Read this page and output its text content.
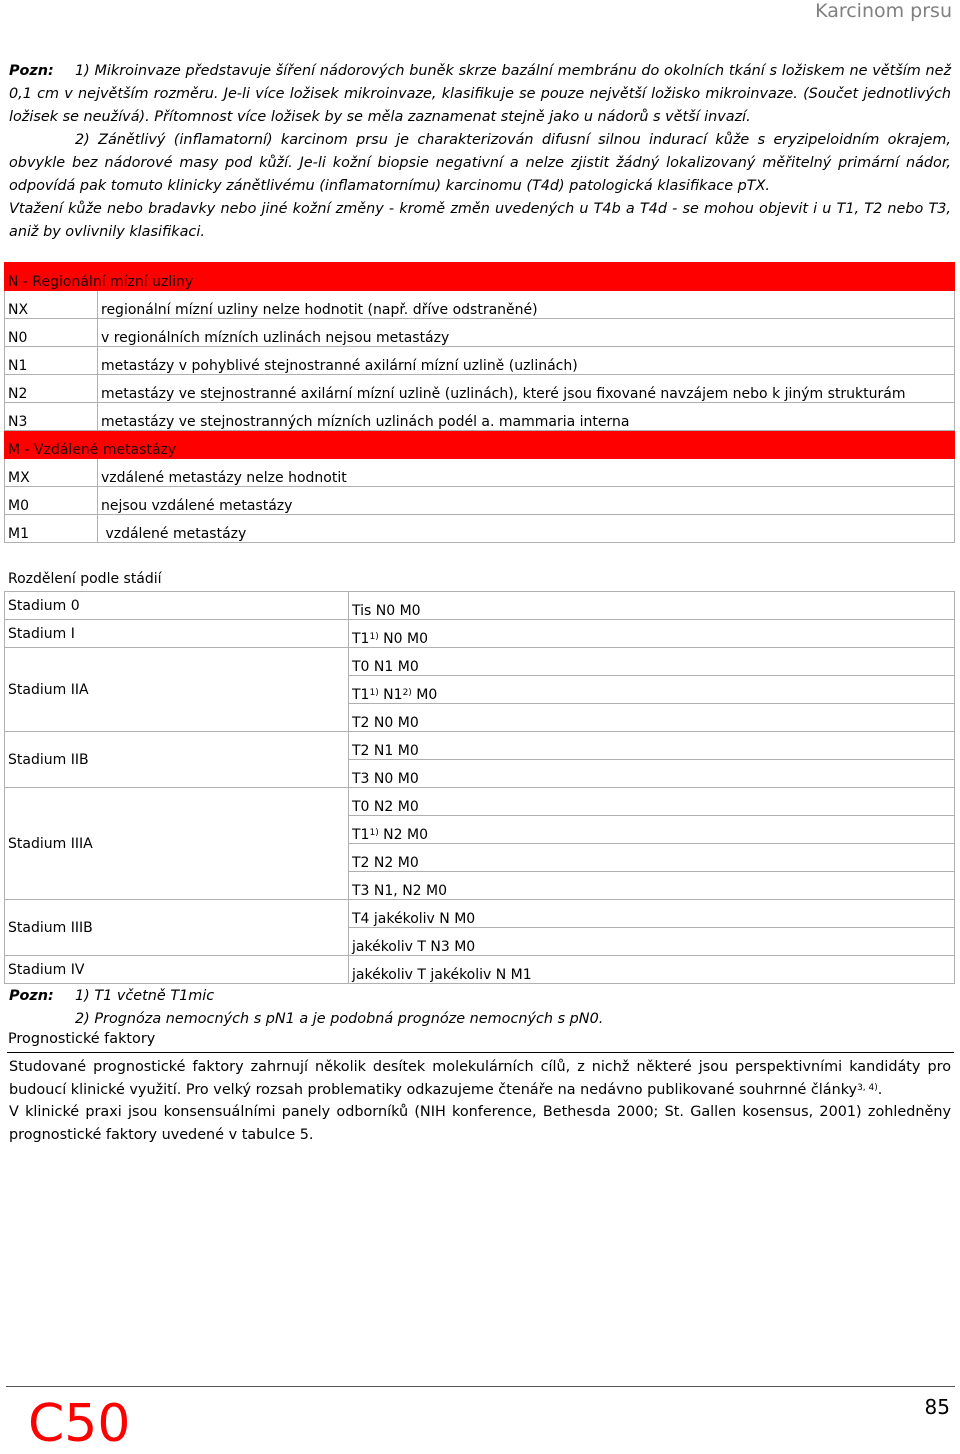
Karcinom prsu
Pozn: 1) Mikroinvaze představuje šíření nádorových buněk skrze bazální membránu do okolních tkání s ložiskem ne větším než 0,1 cm v největším rozměru. Je-li více ložisek mikroinvaze, klasifikuje se pouze největší ložisko mikroinvaze. (Součet jednotlivých ložisek se neužívá). Přítomnost více ložisek by se měla zaznamenat stejně jako u nádorů s větší invazí.
2) Zánětlivý (inflamatorní) karcinom prsu je charakterizován difusní silnou indurací kůže s eryzipeloidním okrajem, obvykle bez nádorové masy pod kůží. Je-li kožní biopsie negativní a nelze zjistit žádný lokalizovaný měřitelný primární nádor, odpovídá pak tomuto klinicky zánětlivému (inflamatornímu) karcinomu (T4d) patologická klasifikace pTX.
Vtažení kůže nebo bradavky nebo jiné kožní změny - kromě změn uvedených u T4b a T4d - se mohou objevit i u T1, T2 nebo T3, aniž by ovlivnily klasifikaci.
N - Regionální mízní uzliny	
NX	regionální mízní uzliny nelze hodnotit (např. dříve odstraněné)
N0	v regionálních mízních uzlinách nejsou metastázy
N1	metastázy v pohyblivé stejnostranné axilární mízní uzlině (uzlinách)
N2	metastázy ve stejnostranné axilární mízní uzlině (uzlinách), které jsou fixované navzájem nebo k jiným strukturám
N3	metastázy ve stejnostranných mízních uzlinách podél a. mammaria interna
M - Vzdálené metastázy	
MX	vzdálené metastázy nelze hodnotit
M0	nejsou vzdálené metastázy
M1	vzdálené metastázy
Rozdělení podle stádií
Stadium 0	Tis N0 M0
Stadium I	T1$^{1)}$ N0 M0
Stadium IIA	T0 N1 M0
	T1$^{1)}$ N1$^{2)}$ M0
	T2 N0 M0
Stadium IIB	T2 N1 M0
	T3 N0 M0
Stadium IIIA	T0 N2 M0
	T1$^{1)}$ N2 M0
	T2 N2 M0
	T3 N1, N2 M0
Stadium IIIB	T4 jakékoliv N M0
	jakékoliv T N3 M0
Stadium IV	jakékoliv T jakékoliv N M1
Pozn: 1) T1 včetně T1mic
2) Prognóza nemocných s pN1 a je podobná prognóze nemocných s pN0.
Prognostické faktory
Studované prognostické faktory zahrnují několik desítek molekulárních cílů, z nichž některé jsou perspektivními kandidáty pro budoucí klinické využití. Pro velký rozsah problematiky odkazujeme čtenáře na nedávno publikované souhrnné články$^{3, 4)}$.
V klinické praxi jsou konsensuálními panely odborníků (NIH konference, Bethesda 2000; St. Gallen kosensus, 2001) zohledněny prognostické faktory uvedené v tabulce 5.
C50	85
